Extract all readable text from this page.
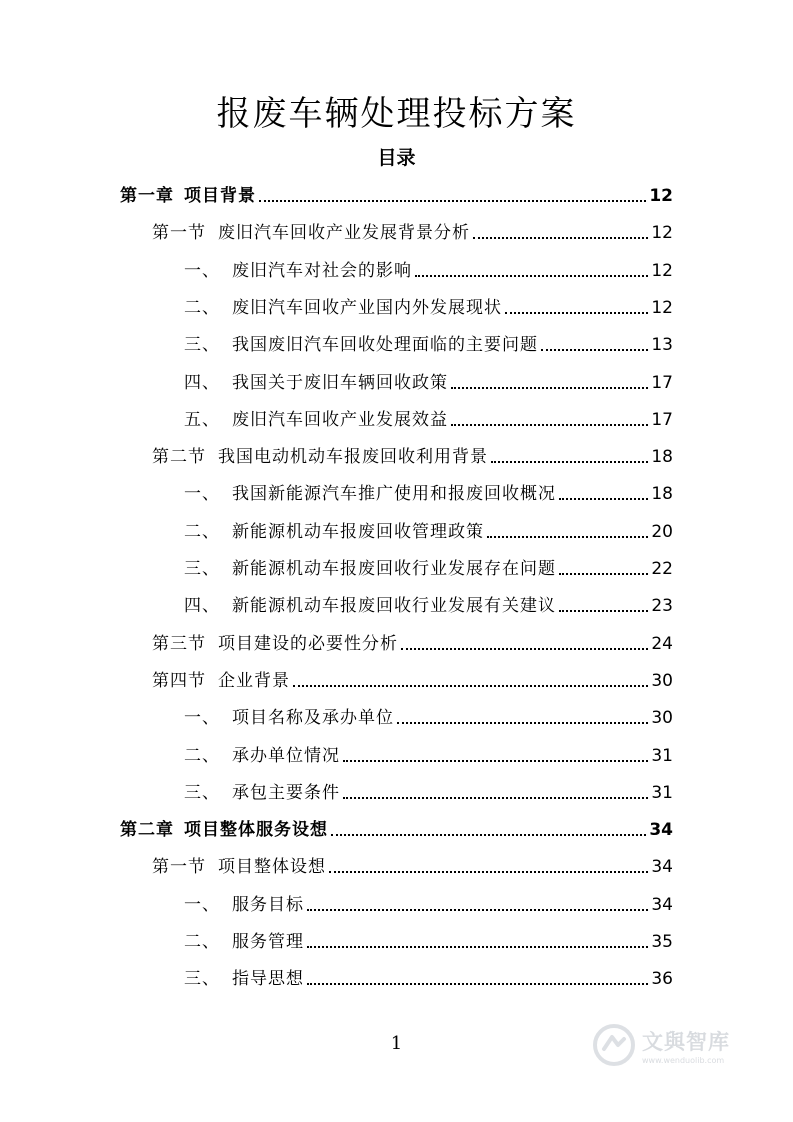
报废车辆处理投标方案
目录
第一章 项目背景	12
第一节 废旧汽车回收产业发展背景分析	12
一、 废旧汽车对社会的影响	12
二、 废旧汽车回收产业国内外发展现状	12
三、 我国废旧汽车回收处理面临的主要问题	13
四、 我国关于废旧车辆回收政策	17
五、 废旧汽车回收产业发展效益	17
第二节 我国电动机动车报废回收利用背景	18
一、 我国新能源汽车推广使用和报废回收概况	18
二、 新能源机动车报废回收管理政策	20
三、 新能源机动车报废回收行业发展存在问题	22
四、 新能源机动车报废回收行业发展有关建议	23
第三节 项目建设的必要性分析	24
第四节 企业背景	30
一、 项目名称及承办单位	30
二、 承办单位情况	31
三、 承包主要条件	31
第二章 项目整体服务设想	34
第一节 项目整体设想	34
一、 服务目标	34
二、 服务管理	35
三、 指导思想	36
1	文與智库
www.wenduolib.com
